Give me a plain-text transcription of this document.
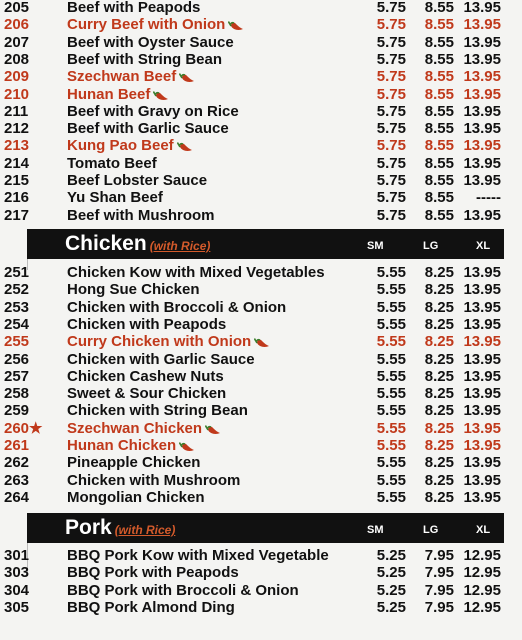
205	Beef with Peapods	5.75	8.55 13.95
206	Curry Beef with Onion	5.75	8.55 13.95
207	Beef with Oyster Sauce	5.75	8.55 13.95
208	Beef with String Bean	5.75	8.55 13.95
209	Szechwan Beef	5.75	8.55 13.95
210	Hunan Beef	5.75	8.55 13.95
211	Beef with Gravy on Rice	5.75	8.55 13.95
212	Beef with Garlic Sauce	5.75	8.55 13.95
213	Kung Pao Beef	5.75	8.55 13.95
214	Tomato Beef	5.75	8.55 13.95
215	Beef Lobster Sauce	5.75	8.55 13.95
216	Yu Shan Beef	5.75	8.55	-----
217	Beef with Mushroom	5.75	8.55 13.95
Chicken (with Rice)	SM	LG	XL
251	Chicken Kow with Mixed Vegetables	5.55	8.25 13.95
252	Hong Sue Chicken	5.55	8.25 13.95
253	Chicken with Broccoli & Onion	5.55	8.25 13.95
254	Chicken with Peapods	5.55	8.25 13.95
255	Curry Chicken with Onion	5.55	8.25 13.95
256	Chicken with Garlic Sauce	5.55	8.25 13.95
257	Chicken Cashew Nuts	5.55	8.25 13.95
258	Sweet & Sour Chicken	5.55	8.25 13.95
259	Chicken with String Bean	5.55	8.25 13.95
260★	Szechwan Chicken	5.55	8.25 13.95
261	Hunan Chicken	5.55	8.25 13.95
262	Pineapple Chicken	5.55	8.25 13.95
263	Chicken with Mushroom	5.55	8.25 13.95
264	Mongolian Chicken	5.55	8.25 13.95
Pork (with Rice)	SM	LG	XL
301	BBQ Pork Kow with Mixed Vegetable	5.25	7.95 12.95
303	BBQ Pork with Peapods	5.25	7.95 12.95
304	BBQ Pork with Broccoli & Onion	5.25	7.95 12.95
305	BBQ Pork Almond Ding	5.25	7.95 12.95
